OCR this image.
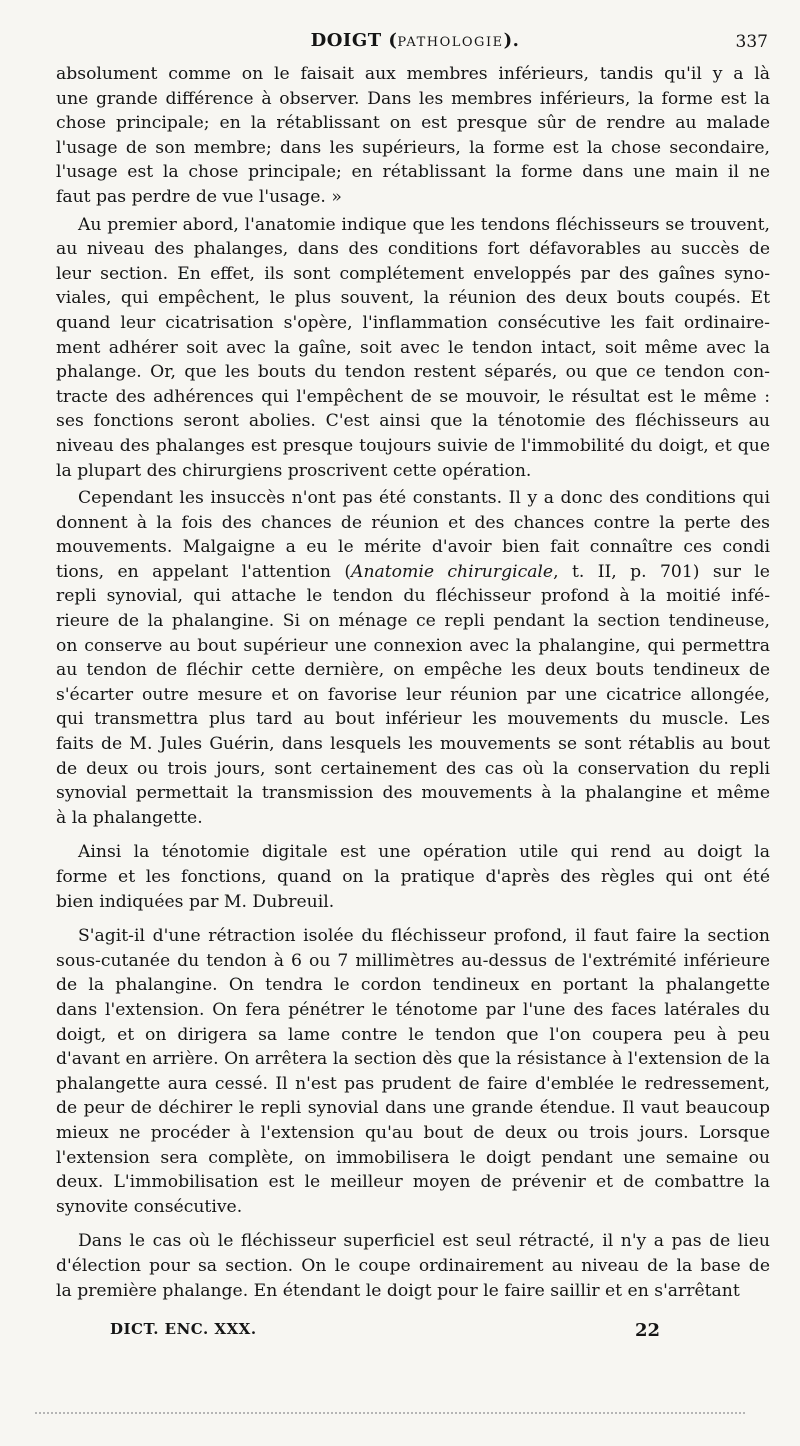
DOIGT (PATHOLOGIE).	337
absolument comme on le faisait aux membres inférieurs, tandis qu'il y a là
une grande différence à observer. Dans les membres inférieurs, la forme est la
chose principale; en la rétablissant on est presque sûr de rendre au malade
l'usage de son membre; dans les supérieurs, la forme est la chose secondaire,
l'usage est la chose principale; en rétablissant la forme dans une main il ne
faut pas perdre de vue l'usage. »
Au premier abord, l'anatomie indique que les tendons fléchisseurs se trouvent,
au niveau des phalanges, dans des conditions fort défavorables au succès de
leur section. En effet, ils sont complétement enveloppés par des gaînes syno-
viales, qui empêchent, le plus souvent, la réunion des deux bouts coupés. Et
quand leur cicatrisation s'opère, l'inflammation consécutive les fait ordinaire-
ment adhérer soit avec la gaîne, soit avec le tendon intact, soit même avec la
phalange. Or, que les bouts du tendon restent séparés, ou que ce tendon con-
tracte des adhérences qui l'empêchent de se mouvoir, le résultat est le même :
ses fonctions seront abolies. C'est ainsi que la ténotomie des fléchisseurs au
niveau des phalanges est presque toujours suivie de l'immobilité du doigt, et que
la plupart des chirurgiens proscrivent cette opération.
Cependant les insuccès n'ont pas été constants. Il y a donc des conditions qui
donnent à la fois des chances de réunion et des chances contre la perte des
mouvements. Malgaigne a eu le mérite d'avoir bien fait connaître ces condi
tions, en appelant l'attention (Anatomie chirurgicale, t. II, p. 701) sur le
repli synovial, qui attache le tendon du fléchisseur profond à la moitié infé-
rieure de la phalangine. Si on ménage ce repli pendant la section tendineuse,
on conserve au bout supérieur une connexion avec la phalangine, qui permettra
au tendon de fléchir cette dernière, on empêche les deux bouts tendineux de
s'écarter outre mesure et on favorise leur réunion par une cicatrice allongée,
qui transmettra plus tard au bout inférieur les mouvements du muscle. Les
faits de M. Jules Guérin, dans lesquels les mouvements se sont rétablis au bout
de deux ou trois jours, sont certainement des cas où la conservation du repli
synovial permettait la transmission des mouvements à la phalangine et même
à la phalangette.
Ainsi la ténotomie digitale est une opération utile qui rend au doigt la
forme et les fonctions, quand on la pratique d'après des règles qui ont été
bien indiquées par M. Dubreuil.
S'agit-il d'une rétraction isolée du fléchisseur profond, il faut faire la section
sous-cutanée du tendon à 6 ou 7 millimètres au-dessus de l'extrémité inférieure
de la phalangine. On tendra le cordon tendineux en portant la phalangette
dans l'extension. On fera pénétrer le ténotome par l'une des faces latérales du
doigt, et on dirigera sa lame contre le tendon que l'on coupera peu à peu
d'avant en arrière. On arrêtera la section dès que la résistance à l'extension de la
phalangette aura cessé. Il n'est pas prudent de faire d'emblée le redressement,
de peur de déchirer le repli synovial dans une grande étendue. Il vaut beaucoup
mieux ne procéder à l'extension qu'au bout de deux ou trois jours. Lorsque
l'extension sera complète, on immobilisera le doigt pendant une semaine ou
deux. L'immobilisation est le meilleur moyen de prévenir et de combattre la
synovite consécutive.
Dans le cas où le fléchisseur superficiel est seul rétracté, il n'y a pas de lieu
d'élection pour sa section. On le coupe ordinairement au niveau de la base de
la première phalange. En étendant le doigt pour le faire saillir et en s'arrêtant
DICT. ENC. XXX.	22
